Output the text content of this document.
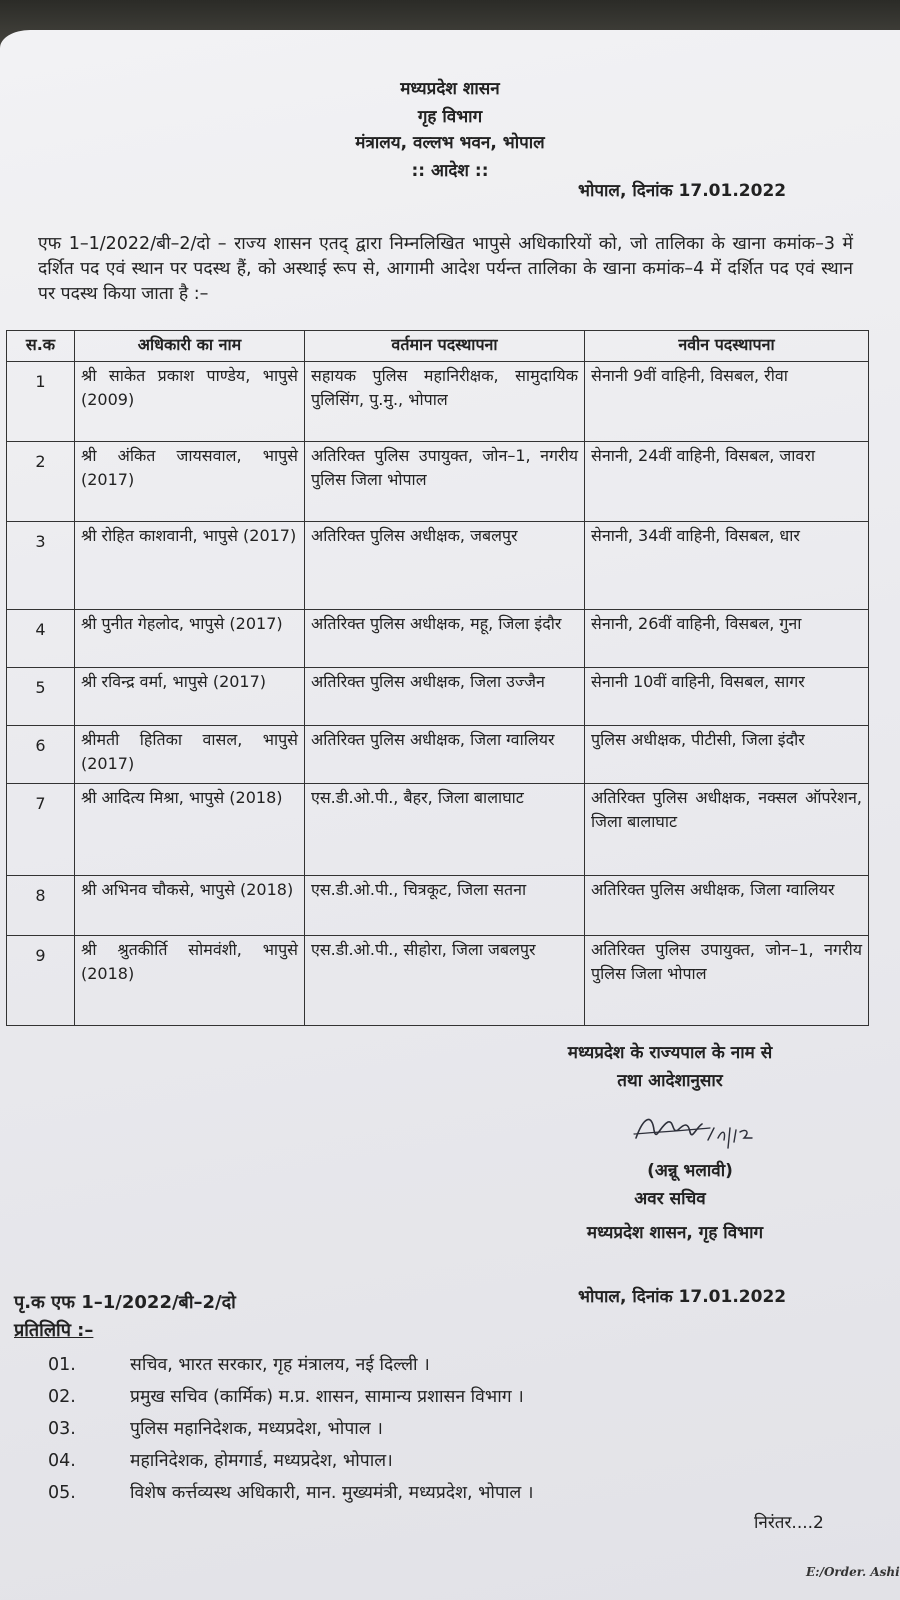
मध्यप्रदेश शासन
गृह विभाग
मंत्रालय, वल्लभ भवन, भोपाल
:: आदेश ::
भोपाल, दिनांक 17.01.2022
एफ 1–1/2022/बी–2/दो – राज्य शासन एतद् द्वारा निम्नलिखित भापुसे अधिकारियों को, जो तालिका के खाना कमांक–3 में दर्शित पद एवं स्थान पर पदस्थ हैं, को अस्थाई रूप से, आगामी आदेश पर्यन्त तालिका के खाना कमांक–4 में दर्शित पद एवं स्थान पर पदस्थ किया जाता है :–
स.क	अधिकारी का नाम	वर्तमान पदस्थापना	नवीन पदस्थापना
1	श्री साकेत प्रकाश पाण्डेय, भापुसे (2009)	सहायक पुलिस महानिरीक्षक, सामुदायिक पुलिसिंग, पु.मु., भोपाल	सेनानी 9वीं वाहिनी, विसबल, रीवा
2	श्री अंकित जायसवाल, भापुसे (2017)	अतिरिक्त पुलिस उपायुक्त, जोन–1, नगरीय पुलिस जिला भोपाल	सेनानी, 24वीं वाहिनी, विसबल, जावरा
3	श्री रोहित काशवानी, भापुसे (2017)	अतिरिक्त पुलिस अधीक्षक, जबलपुर	सेनानी, 34वीं वाहिनी, विसबल, धार
4	श्री पुनीत गेहलोद, भापुसे (2017)	अतिरिक्त पुलिस अधीक्षक, महू, जिला इंदौर	सेनानी, 26वीं वाहिनी, विसबल, गुना
5	श्री रविन्द्र वर्मा, भापुसे (2017)	अतिरिक्त पुलिस अधीक्षक, जिला उज्जैन	सेनानी 10वीं वाहिनी, विसबल, सागर
6	श्रीमती हितिका वासल, भापुसे (2017)	अतिरिक्त पुलिस अधीक्षक, जिला ग्वालियर	पुलिस अधीक्षक, पीटीसी, जिला इंदौर
7	श्री आदित्य मिश्रा, भापुसे (2018)	एस.डी.ओ.पी., बैहर, जिला बालाघाट	अतिरिक्त पुलिस अधीक्षक, नक्सल ऑपरेशन, जिला बालाघाट
8	श्री अभिनव चौकसे, भापुसे (2018)	एस.डी.ओ.पी., चित्रकूट, जिला सतना	अतिरिक्त पुलिस अधीक्षक, जिला ग्वालियर
9	श्री श्रुतकीर्ति सोमवंशी, भापुसे (2018)	एस.डी.ओ.पी., सीहोरा, जिला जबलपुर	अतिरिक्त पुलिस उपायुक्त, जोन–1, नगरीय पुलिस जिला भोपाल
मध्यप्रदेश के राज्यपाल के नाम से
तथा आदेशानुसार
(अन्नू भलावी)
अवर सचिव
मध्यप्रदेश शासन, गृह विभाग
पृ.क एफ 1–1/2022/बी–2/दो	भोपाल, दिनांक 17.01.2022
प्रतिलिपि :–
01.	सचिव, भारत सरकार, गृह मंत्रालय, नई दिल्ली ।
02.	प्रमुख सचिव (कार्मिक) म.प्र. शासन, सामान्य प्रशासन विभाग ।
03.	पुलिस महानिदेशक, मध्यप्रदेश, भोपाल ।
04.	महानिदेशक, होमगार्ड, मध्यप्रदेश, भोपाल।
05.	विशेष कर्त्तव्यस्थ अधिकारी, मान. मुख्यमंत्री, मध्यप्रदेश, भोपाल ।
निरंतर....2
E:/Order. Ashi
